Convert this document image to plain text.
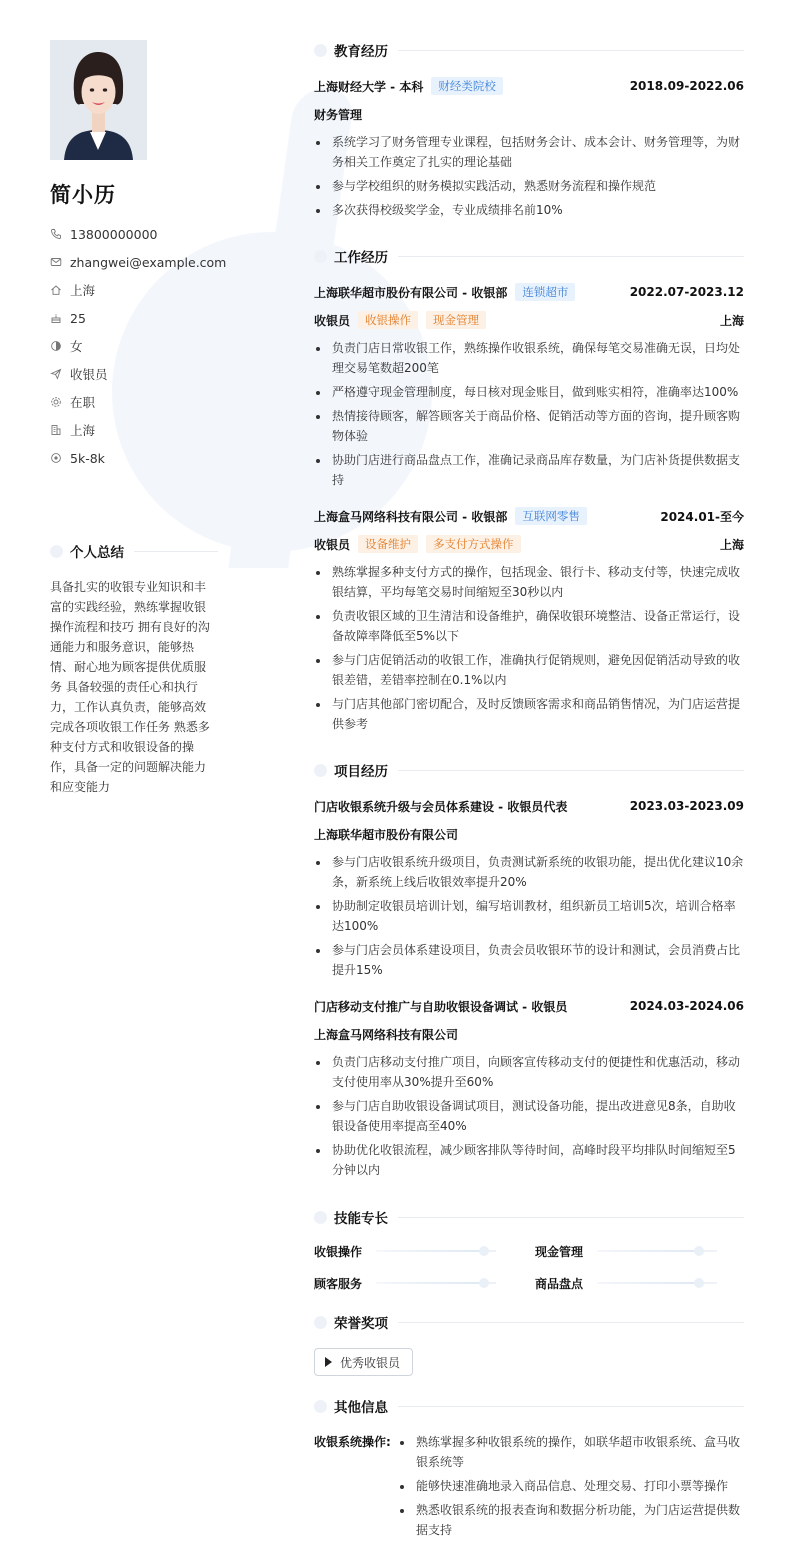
简小历
13800000000
zhangwei@example.com
上海
25
女
收银员
在职
上海
5k-8k
个人总结
具备扎实的收银专业知识和丰富的实践经验，熟练掌握收银操作流程和技巧 拥有良好的沟通能力和服务意识，能够热情、耐心地为顾客提供优质服务 具备较强的责任心和执行力，工作认真负责，能够高效完成各项收银工作任务 熟悉多种支付方式和收银设备的操作，具备一定的问题解决能力和应变能力
教育经历
上海财经大学 - 本科	财经类院校	2018.09-2022.06
财务管理
系统学习了财务管理专业课程，包括财务会计、成本会计、财务管理等，为财务相关工作奠定了扎实的理论基础
参与学校组织的财务模拟实践活动，熟悉财务流程和操作规范
多次获得校级奖学金，专业成绩排名前10%
工作经历
上海联华超市股份有限公司 - 收银部	连锁超市	2022.07-2023.12
收银员	收银操作	现金管理	上海
负责门店日常收银工作，熟练操作收银系统，确保每笔交易准确无误，日均处理交易笔数超200笔
严格遵守现金管理制度，每日核对现金账目，做到账实相符，准确率达100%
热情接待顾客，解答顾客关于商品价格、促销活动等方面的咨询，提升顾客购物体验
协助门店进行商品盘点工作，准确记录商品库存数量，为门店补货提供数据支持
上海盒马网络科技有限公司 - 收银部	互联网零售	2024.01-至今
收银员	设备维护	多支付方式操作	上海
熟练掌握多种支付方式的操作，包括现金、银行卡、移动支付等，快速完成收银结算，平均每笔交易时间缩短至30秒以内
负责收银区域的卫生清洁和设备维护，确保收银环境整洁、设备正常运行，设备故障率降低至5%以下
参与门店促销活动的收银工作，准确执行促销规则，避免因促销活动导致的收银差错，差错率控制在0.1%以内
与门店其他部门密切配合，及时反馈顾客需求和商品销售情况，为门店运营提供参考
项目经历
门店收银系统升级与会员体系建设 - 收银员代表	2023.03-2023.09
上海联华超市股份有限公司
参与门店收银系统升级项目，负责测试新系统的收银功能，提出优化建议10余条，新系统上线后收银效率提升20%
协助制定收银员培训计划，编写培训教材，组织新员工培训5次，培训合格率达100%
参与门店会员体系建设项目，负责会员收银环节的设计和测试，会员消费占比提升15%
门店移动支付推广与自助收银设备调试 - 收银员	2024.03-2024.06
上海盒马网络科技有限公司
负责门店移动支付推广项目，向顾客宣传移动支付的便捷性和优惠活动，移动支付使用率从30%提升至60%
参与门店自助收银设备调试项目，测试设备功能，提出改进意见8条，自助收银设备使用率提高至40%
协助优化收银流程，减少顾客排队等待时间，高峰时段平均排队时间缩短至5分钟以内
技能专长
收银操作	现金管理
顾客服务	商品盘点
荣誉奖项
优秀收银员
其他信息
收银系统操作:	熟练掌握多种收银系统的操作，如联华超市收银系统、盒马收银系统等
能够快速准确地录入商品信息、处理交易、打印小票等操作
熟悉收银系统的报表查询和数据分析功能，为门店运营提供数据支持
